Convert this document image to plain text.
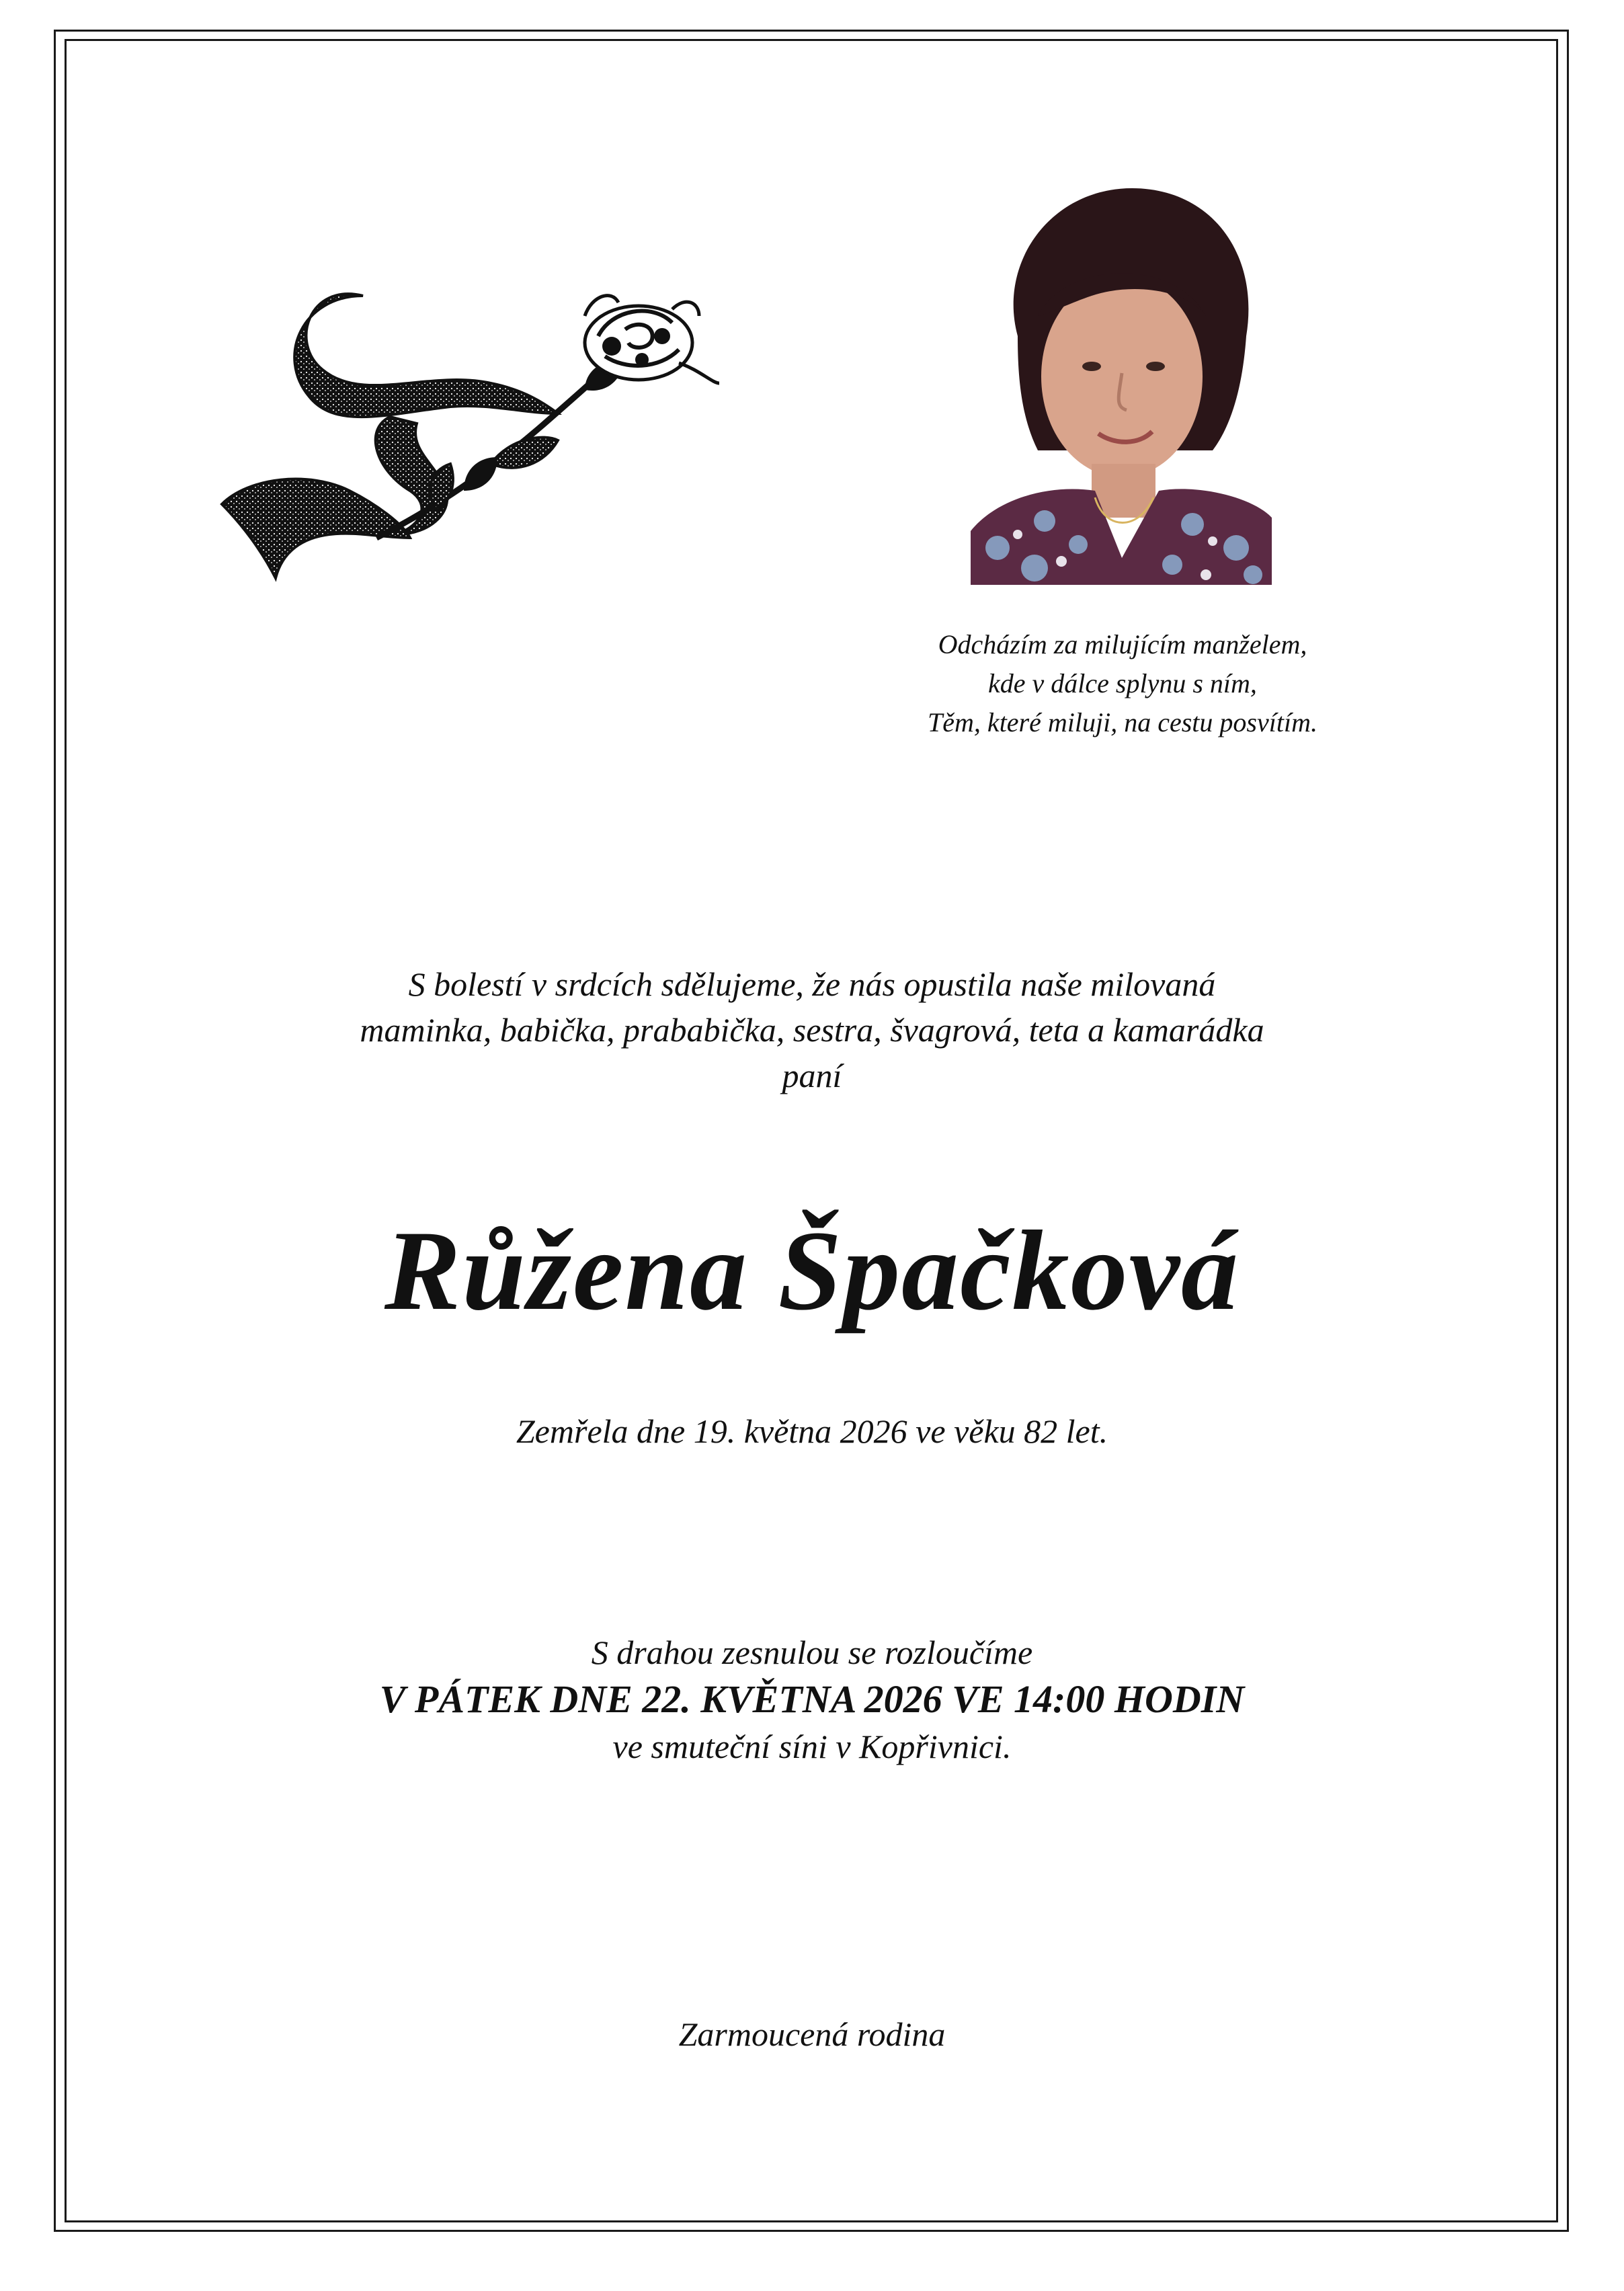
Odcházím za milujícím manželem,
kde v dálce splynu s ním,
Těm, které miluji, na cestu posvítím.
S bolestí v srdcích sdělujeme, že nás opustila naše milovaná
maminka, babička, prababička, sestra, švagrová, teta a kamarádka
paní
Růžena Špačková
Zemřela dne 19. května 2026 ve věku 82 let.
S drahou zesnulou se rozloučíme
V PÁTEK DNE 22. KVĚTNA 2026 VE 14:00 HODIN
ve smuteční síni v Kopřivnici.
Zarmoucená rodina
